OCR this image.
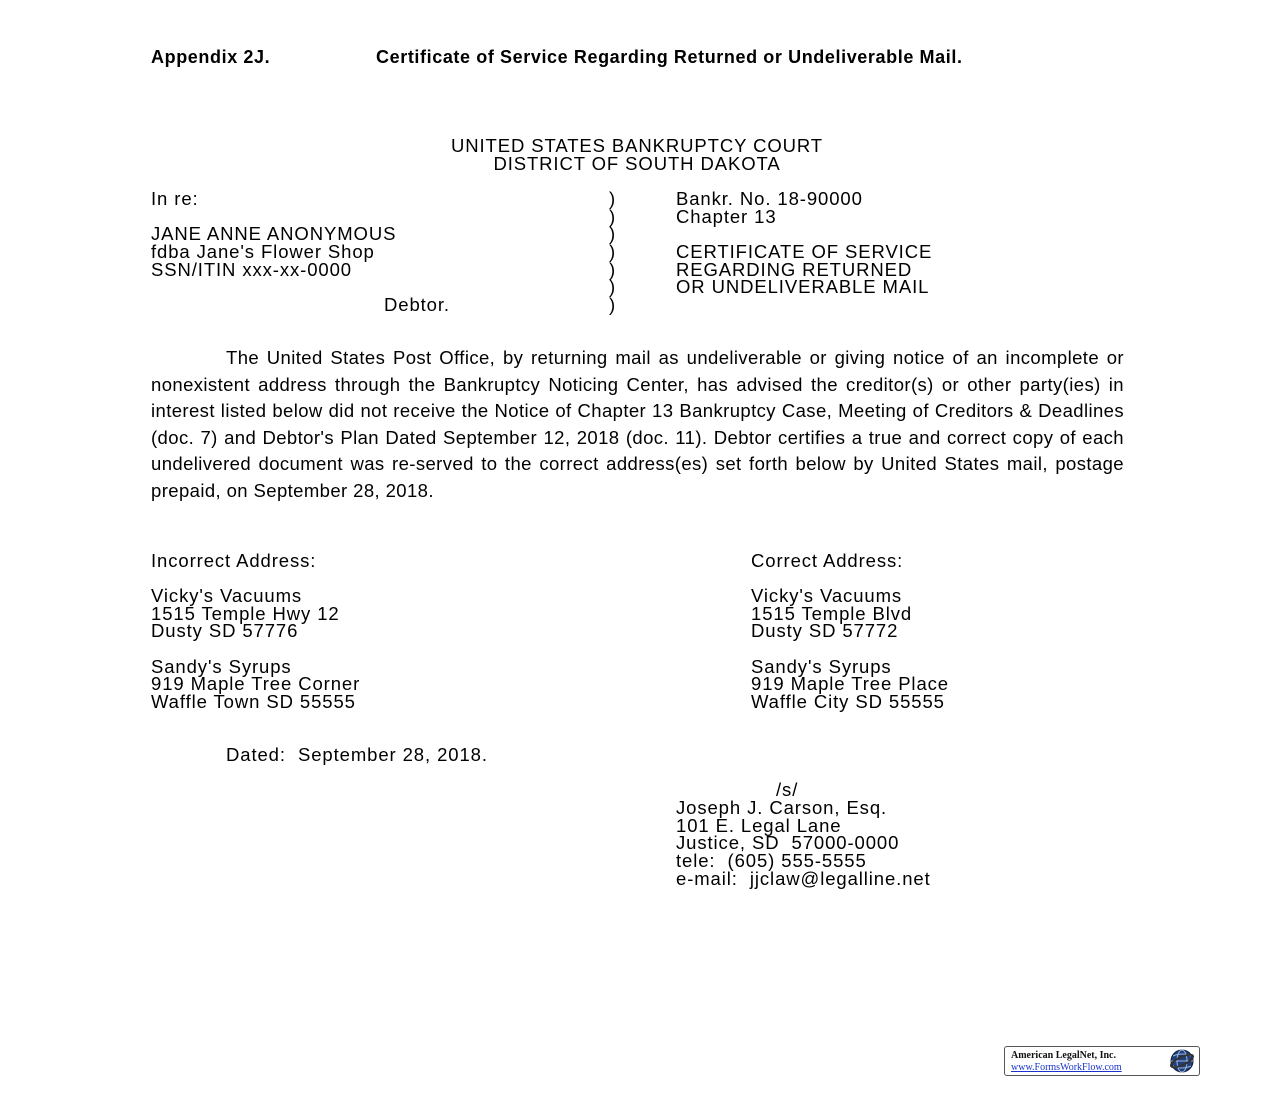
Appendix 2J.	Certificate of Service Regarding Returned or Undeliverable Mail.
UNITED STATES BANKRUPTCY COURT
DISTRICT OF SOUTH DAKOTA
In re:
JANE ANNE ANONYMOUS
fdba Jane's Flower Shop
SSN/ITIN xxx-xx-0000
Debtor.
)
)
)
)
)
)
)
Bankr. No. 18-90000
Chapter 13
CERTIFICATE OF SERVICE
REGARDING RETURNED
OR UNDELIVERABLE MAIL
The United States Post Office, by returning mail as undeliverable or giving notice of an incomplete or nonexistent address through the Bankruptcy Noticing Center, has advised the creditor(s) or other party(ies) in interest listed below did not receive the Notice of Chapter 13 Bankruptcy Case, Meeting of Creditors & Deadlines (doc. 7) and Debtor's Plan Dated September 12, 2018 (doc. 11). Debtor certifies a true and correct copy of each undelivered document was re-served to the correct address(es) set forth below by United States mail, postage prepaid, on September 28, 2018.
Incorrect Address:	Correct Address:
Vicky's Vacuums
1515 Temple Hwy 12
Dusty SD 57776
Sandy's Syrups
919 Maple Tree Corner
Waffle Town SD 55555
Vicky's Vacuums
1515 Temple Blvd
Dusty SD 57772
Sandy's Syrups
919 Maple Tree Place
Waffle City SD 55555
Dated:  September 28, 2018.
/s/
Joseph J. Carson, Esq.
101 E. Legal Lane
Justice, SD  57000-0000
tele:  (605) 555-5555
e-mail:  jjclaw@legalline.net
American LegalNet, Inc.
www.FormsWorkFlow.com
